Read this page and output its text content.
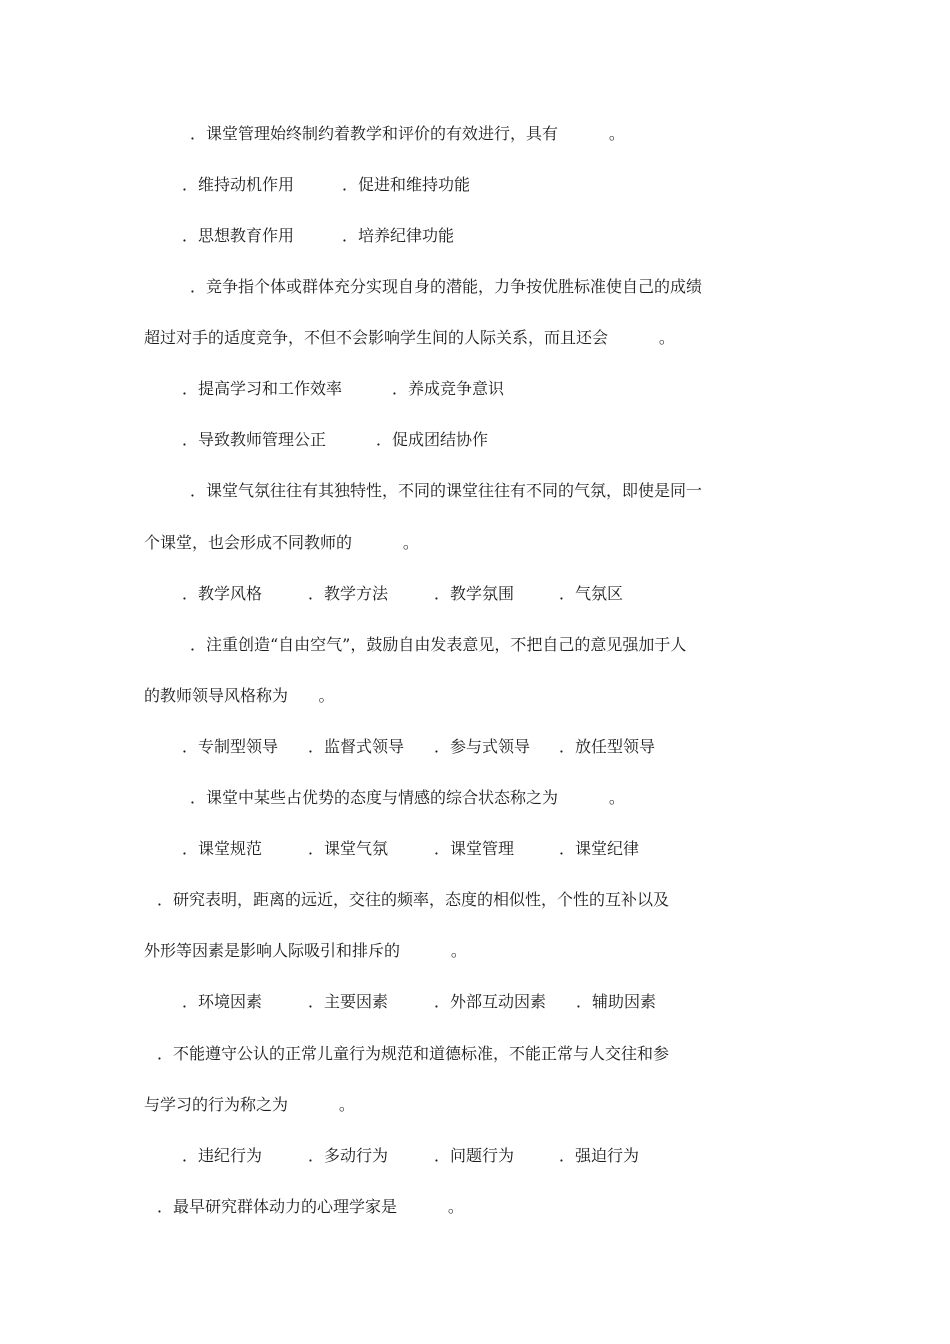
．课堂管理始终制约着教学和评价的有效进行，具有          。
．维持动机作用	．促进和维持功能
．思想教育作用	．培养纪律功能
．竞争指个体或群体充分实现自身的潜能，力争按优胜标准使自己的成绩
超过对手的适度竞争，不但不会影响学生间的人际关系，而且还会          。
．提高学习和工作效率	．养成竞争意识
．导致教师管理公正	．促成团结协作
．课堂气氛往往有其独特性，不同的课堂往往有不同的气氛，即使是同一
个课堂，也会形成不同教师的          。
．教学风格	．教学方法	．教学氛围	．气氛区
．注重创造“自由空气”，鼓励自由发表意见，不把自己的意见强加于人
的教师领导风格称为      。
．专制型领导 ．监督式领导 ．参与式领导 ．放任型领导
．课堂中某些占优势的态度与情感的综合状态称之为          。
．课堂规范	．课堂气氛	．课堂管理	．课堂纪律
．研究表明，距离的远近，交往的频率，态度的相似性，个性的互补以及
外形等因素是影响人际吸引和排斥的          。
．环境因素	．主要因素	．外部互动因素 ．辅助因素
．不能遵守公认的正常儿童行为规范和道德标准，不能正常与人交往和参
与学习的行为称之为          。
．违纪行为	．多动行为	．问题行为	．强迫行为
．最早研究群体动力的心理学家是          。
